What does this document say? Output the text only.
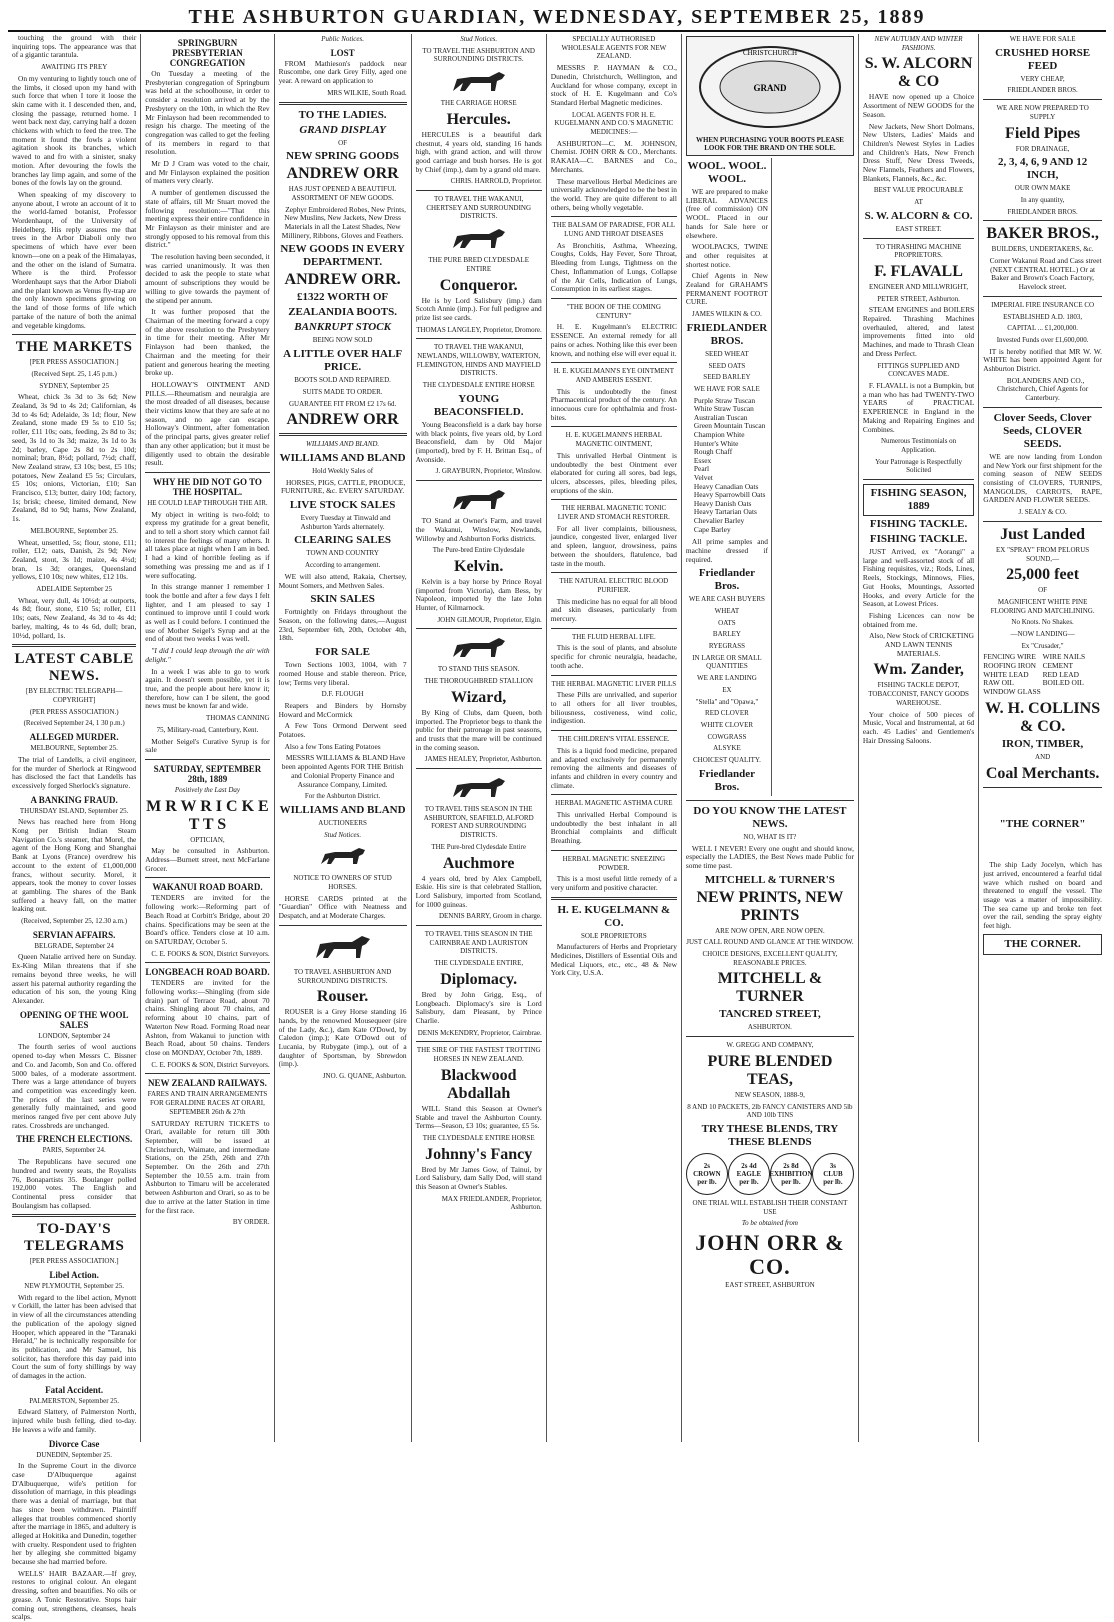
THE ASHBURTON GUARDIAN, WEDNESDAY, SEPTEMBER 25, 1889

touching the ground with their inquiring tops. The appearance was that of a gigantic tarantula.

AWAITING ITS PREY

On my venturing to lightly touch one of the limbs, it closed upon my hand with such force that when I tore it loose the skin came with it. I descended then, and, closing the passage, returned home. I went back next day, carrying half a dozen chickens with which to feed the tree. The moment it found the fowls a violent agitation shook its branches, which waved to and fro with a sinister, snaky motion. After devouring the fowls the branches lay limp again, and some of the bones of the fowls lay on the ground.

When speaking of my discovery to anyone about, I wrote an account of it to the world-famed botanist, Professor Wordenhaupt, of the University of Heidelberg. His reply assures me that trees in the Arbor Diaboli only two specimens of which have ever been known—one on a peak of the Himalayas, and the other on the island of Sumatra. Where is the third. Professor Wordenhaupt says that the Arbor Diaboli and the plant known as Venus fly-trap are the only known specimens growing on the land of those forms of life which partake of the nature of both the animal and vegetable kingdoms.

THE MARKETS
[PER PRESS ASSOCIATION.]
(Received Sept. 25, 1.45 p.m.)
SYDNEY, September 25

Wheat, chick 3s 3d to 3s 6d; New Zealand, 3s 9d to 4s 2d; Californian, 4s 3d to 4s 6d; Adelaide, 3s 1d; flour, New Zealand, stone made £9 5s to £10 5s; roller, £11 10s; oats, feeding, 2s 8d to 3s; seed, 3s 1d to 3s 3d; maize, 3s 1d to 3s 2d; barley, Cape 2s 8d to 2s 10d; nominal; bran, 8½d; pollard, 7½d; chaff, New Zealand straw, £3 10s; best, £5 10s; potatoes, New Zealand £5 5s; Circulars, £5 10s; onions, Victorian, £10; San Francisco, £13; butter, dairy 10d; factory, 1s; brisk; cheese, limited demand, New Zealand, 8d to 9d; hams, New Zealand, 1s.

MELBOURNE, September 25.

Wheat, unsettled, 5s; flour, stone, £11; roller, £12; oats, Danish, 2s 9d; New Zealand, stout, 3s 1d; maize, 4s 4½d; bran, 1s 3d; oranges, Queensland yellows, £10 10s; new whites, £12 10s.

ADELAIDE September 25

Wheat, very dull, 4s 10½d; at outports, 4s 8d; flour, stone, £10 5s; roller, £11 10s; oats, New Zealand, 4s 3d to 4s 4d; barley, malting, 4s to 4s 6d, dull; bran, 10½d, pollard, 1s.

LATEST CABLE NEWS.
[BY ELECTRIC TELEGRAPH—COPYRIGHT]
(PER PRESS ASSOCIATION.)
(Received September 24, 1 30 p.m.)
ALLEGED MURDER.
MELBOURNE, September 25.

The trial of Landells, a civil engineer, for the murder of Sherlock at Ringwood has disclosed the fact that Landells has excessively forged Sherlock's signature.

A BANKING FRAUD.
THURSDAY ISLAND, September 25.

News has reached here from Hong Kong per British Indian Steam Navigation Co.'s steamer, that Morel, the agent of the Hong Kong and Shanghai Bank at Lyons (France) overdrew his account to the extent of £1,000,000 francs, without security. Morel, it appears, took the money to cover losses at gambling. The shares of the Bank suffered a heavy fall, on the matter leaking out.

(Received, September 25, 12.30 a.m.)
SERVIAN AFFAIRS.
BELGRADE, September 24

Queen Natalie arrived here on Sunday. Ex-King Milan threatens that if she remains beyond three weeks, he will assert his paternal authority regarding the education of his son, the young King Alexander.

OPENING OF THE WOOL SALES
LONDON, September 24

The fourth series of wool auctions opened to-day when Messrs C. Bissner and Co. and Jacomb, Son and Co. offered 5000 bales, of a moderate assortment. There was a large attendance of buyers and competition was exceedingly keen. The prices of the last series were generally fully maintained, and good merinos ranged five per cent above July rates. Crossbreds are unchanged.

THE FRENCH ELECTIONS.
PARIS, September 24.

The Republicans have secured one hundred and twenty seats, the Royalists 76, Bonapartists 35. Boulanger polled 192,000 votes. The English and Continental press consider that Boulangism has collapsed.

TO-DAY'S TELEGRAMS
[PER PRESS ASSOCIATION.]
Libel Action.
NEW PLYMOUTH, September 25.

With regard to the libel action, Mynott v Corkill, the latter has been advised that in view of all the circumstances attending the publication of the apology signed Hooper, which appeared in the "Taranaki Herald," he is technically responsible for its publication, and Mr Samuel, his solicitor, has therefore this day paid into Court the sum of forty shillings by way of damages in the action.

Fatal Accident.
PALMERSTON, September 25.

Edward Slattery, of Palmerston North, injured while bush felling, died to-day. He leaves a wife and family.

Divorce Case
DUNEDIN, September 25.

In the Supreme Court in the divorce case D'Albuquerque against D'Albuquerque, wife's petition for dissolution of marriage, in this pleadings there was a denial of marriage, but that has since been withdrawn. Plaintiff alleges that troubles commenced shortly after the marriage in 1865, and adultery is alleged at Hokitika and Dunedin, together with cruelty. Respondent used to frighten her by alleging she committed bigamy because she had married before.

WELLS' HAIR BAZAAR.—If grey, restores to original colour. An elegant dressing, soften and beautifies. No oils or grease. A Tonic Restorative. Stops hair coming out, strengthens, cleanses, heals scalps.

SPRINGBURN PRESBYTERIAN CONGREGATION

On Tuesday a meeting of the Presbyterian congregation of Springburn was held at the schoolhouse, in order to consider a resolution arrived at by the Presbytery on the 10th, in which the Rev Mr Finlayson had been recommended to resign his charge. The meeting of the congregation was called to get the feeling of its members in regard to that resolution.

Mr D J Cram was voted to the chair, and Mr Finlayson explained the position of matters very clearly.

A number of gentlemen discussed the state of affairs, till Mr Stuart moved the following resolution:—"That this meeting express their entire confidence in Mr Finlayson as their minister and are strongly opposed to his removal from this district."

The resolution having been seconded, it was carried unanimously. It was then decided to ask the people to state what amount of subscriptions they would be willing to give towards the payment of the stipend per annum.

It was further proposed that the Chairman of the meeting forward a copy of the above resolution to the Presbytery in time for their meeting. After Mr Finlayson had been thanked, the Chairman and the meeting for their patient and generous hearing the meeting broke up.

HOLLOWAY'S OINTMENT AND PILLS.—Rheumatism and neuralgia are the most dreaded of all diseases, because their victims know that they are safe at no season, and no age can escape. Holloway's Ointment, after fomentation of the principal parts, gives greater relief than any other application; but it must be diligently used to obtain the desirable result.

WHY HE DID NOT GO TO THE HOSPITAL.
HE COULD LEAP THROUGH THE AIR.

My object in writing is two-fold; to express my gratitude for a great benefit, and to tell a short story which cannot fail to interest the feelings of many others. It all takes place at night when I am in bed. I had a kind of horrible feeling as if something was pressing me and as if I were suffocating.

In this strange manner I remember I took the bottle and after a few days I felt lighter, and I am pleased to say I continued to improve until I could work as well as I could before. I continued the use of Mother Seigel's Syrup and at the end of about two weeks I was well.

"I did I could leap through the air with delight."

In a week I was able to go to work again. It doesn't seem possible, yet it is true, and the people about here know it; therefore, how can I be silent, the good news must be known far and wide.

THOMAS CANNING
75, Military-road, Canterbury, Kent.

Mother Seigel's Curative Syrup is for sale

SATURDAY, SEPTEMBER 28th, 1889
Positively the Last Day
M R W R I C K E T T S
OPTICIAN,

May be consulted in Ashburton. Address—Burnett street, next McFarlane Grocer.

WAKANUI ROAD BOARD.

TENDERS are invited for the following work:—Reforming part of Beach Road at Corbitt's Bridge, about 20 chains. Specifications may be seen at the Board's office. Tenders close at 10 a.m. on SATURDAY, October 5.

C. E. FOOKS & SON, District Surveyors.
LONGBEACH ROAD BOARD.

TENDERS are invited for the following works:—Shingling (from side drain) part of Terrace Road, about 70 chains. Shingling about 70 chains, and reforming about 10 chains, part of Waterton New Road. Forming Road near Ashton, from Wakanui to junction with Beach Road, about 50 chains. Tenders close on MONDAY, October 7th, 1889.

C. E. FOOKS & SON, District Surveyors.
NEW ZEALAND RAILWAYS.
FARES AND TRAIN ARRANGEMENTS FOR GERALDINE RACES AT ORARI, SEPTEMBER 26th & 27th

SATURDAY RETURN TICKETS to Orari, available for return till 30th September, will be issued at Christchurch, Waimate, and intermediate Stations, on the 25th, 26th and 27th September. On the 26th and 27th September the 10.55 a.m. train from Ashburton to Timaru will be accelerated between Ashburton and Orari, so as to be due to arrive at the latter Station in time for the first race.

BY ORDER.
Public Notices.
LOST

FROM Mathieson's paddock near Ruscombe, one dark Grey Filly, aged one year. A reward on application to

MRS WILKIE, South Road.
TO THE LADIES.
GRAND DISPLAY
OF
NEW SPRING GOODS
ANDREW ORR
HAS JUST OPENED A BEAUTIFUL ASSORTMENT OF NEW GOODS.

Zephyr Embroidered Robes, New Prints, New Muslins, New Jackets, New Dress Materials in all the Latest Shades, New Millinery, Ribbons, Gloves and Feathers.

NEW GOODS IN EVERY DEPARTMENT.
ANDREW ORR.
£1322 WORTH OF
ZEALANDIA BOOTS.
BANKRUPT STOCK
BEING NOW SOLD
A LITTLE OVER HALF PRICE.
BOOTS SOLD AND REPAIRED.
SUITS MADE TO ORDER.
GUARANTEE FIT FROM £2 17s 6d.
ANDREW ORR
WILLIAMS AND BLAND.
WILLIAMS AND BLAND
Hold Weekly Sales of

HORSES, PIGS, CATTLE, PRODUCE, FURNITURE, &c. EVERY SATURDAY.

LIVE STOCK SALES

Every Tuesday at Tinwald and Ashburton Yards alternately.

CLEARING SALES
TOWN AND COUNTRY
According to arrangement.

WE will also attend, Rakaia, Chertsey, Mount Somers, and Methven Sales.

SKIN SALES

Fortnightly on Fridays throughout the Season, on the following dates,—August 23rd, September 6th, 20th, October 4th, 18th.

FOR SALE

Town Sections 1003, 1004, with 7 roomed House and stable thereon. Price, low; Terms very liberal.

D.F. FLOUGH

Reapers and Binders by Hornsby Howard and McCormick

A Few Tons Ormond Derwent seed Potatoes.

Also a few Tons Eating Potatoes

MESSRS WILLIAMS & BLAND Have been appointed Agents FOR THE British and Colonial Property Finance and Assurance Company, Limited.

For the Ashburton District.
WILLIAMS AND BLAND
AUCTIONEERS
Stud Notices.
NOTICE TO OWNERS OF STUD HORSES.

HORSE CARDS printed at the "Guardian" Office with Neatness and Despatch, and at Moderate Charges.

TO TRAVEL ASHBURTON AND SURROUNDING DISTRICTS.
Rouser.

ROUSER is a Grey Horse standing 16 hands, by the renowned Mousequeer (sire of the Lady, &c.), dam Kate O'Dowd, by Caledon (imp.); Kate O'Dowd out of Lucania, by Rubygate (imp.), out of a daughter of Sportsman, by Sbrewdon (imp.).

JNO. G. QUANE, Ashburton.
Stud Notices.
TO TRAVEL THE ASHBURTON AND SURROUNDING DISTRICTS.
THE CARRIAGE HORSE
Hercules.

HERCULES is a beautiful dark chestnut, 4 years old, standing 16 hands high, with grand action, and will throw good carriage and bush horses. He is got by Chief (imp.), dam by a grand old mare.

CHRIS. HARROLD, Proprietor.
TO TRAVEL THE WAKANUI, CHERTSEY AND SURROUNDING DISTRICTS.
THE PURE BRED CLYDESDALE ENTIRE
Conqueror.

He is by Lord Salisbury (imp.) dam Scotch Annie (imp.). For full pedigree and prize list see cards.

THOMAS LANGLEY, Proprietor, Dromore.
TO TRAVEL THE WAKANUI, NEWLANDS, WILLOWBY, WATERTON, FLEMINGTON, HINDS AND MAYFIELD DISTRICTS.
THE CLYDESDALE ENTIRE HORSE
YOUNG BEACONSFIELD.

Young Beaconsfield is a dark bay horse with black points, five years old, by Lord Beaconsfield, dam by Old Major (imported), bred by F. H. Brittan Esq., of Avonside.

J. GRAYBURN, Proprietor, Winslow.

TO Stand at Owner's Farm, and travel the Wakanui, Winslow, Newlands, Willowby and Ashburton Forks districts.

The Pure-bred Entire Clydesdale
Kelvin.

Kelvin is a bay horse by Prince Royal (imported from Victoria), dam Bess, by Napoleon, imported by the late John Hunter, of Kilmarnock.

JOHN GILMOUR, Proprietor, Elgin.
TO STAND THIS SEASON.
THE THOROUGHBRED STALLION
Wizard,

By King of Clubs, dam Queen, both imported. The Proprietor begs to thank the public for their patronage in past seasons, and trusts that the mare will be continued in the coming season.

JAMES HEALEY, Proprietor, Ashburton.
TO TRAVEL THIS SEASON IN THE ASHBURTON, SEAFIELD, ALFORD FOREST AND SURROUNDING DISTRICTS.
THE Pure-bred Clydesdale Entire
Auchmore

4 years old, bred by Alex Campbell, Eskie. His sire is that celebrated Stallion, Lord Salisbury, imported from Scotland, for 1000 guineas.

DENNIS BARRY, Groom in charge.
TO TRAVEL THIS SEASON IN THE CAIRNBRAE AND LAURISTON DISTRICTS.
THE CLYDESDALE ENTIRE,
Diplomacy.

Bred by John Grigg, Esq., of Longbeach. Diplomacy's sire is Lord Salisbury, dam Pleasant, by Prince Charlie.

DENIS McKENDRY, Proprietor, Cairnbrae.
THE SIRE OF THE FASTEST TROTTING HORSES IN NEW ZEALAND.
Blackwood Abdallah

WILL Stand this Season at Owner's Stable and travel the Ashburton County. Terms—Season, £3 10s; guarantee, £5 5s.

THE CLYDESDALE ENTIRE HORSE
Johnny's Fancy

Bred by Mr James Gow, of Tainui, by Lord Salisbury, dam Sally Dod, will stand this Season at Owner's Stables.

MAX FRIEDLANDER, Proprietor, Ashburton.
SPECIALLY AUTHORISED WHOLESALE AGENTS FOR NEW ZEALAND.

MESSRS P. HAYMAN & CO., Dunedin, Christchurch, Wellington, and Auckland for whose company, except in stock of H. E. Kugelmann and Co's Standard Herbal Magnetic medicines.

LOCAL AGENTS FOR H. E. KUGELMANN AND CO.'S MAGNETIC MEDICINES:—

ASHBURTON—C. M. JOHNSON, Chemist. JOHN ORR & CO., Merchants. RAKAIA—C. BARNES and Co., Merchants.

These marvellous Herbal Medicines are universally acknowledged to be the best in the world. They are quite different to all others, being wholly vegetable.

THE BALSAM OF PARADISE, FOR ALL LUNG AND THROAT DISEASES

As Bronchitis, Asthma, Wheezing, Coughs, Colds, Hay Fever, Sore Throat, Bleeding from Lungs, Tightness on the Chest, Inflammation of Lungs, Collapse of the Air Cells, Indication of Lungs, Consumption in its earliest stages.

"THE BOON OF THE COMING CENTURY"

H. E. Kugelmann's ELECTRIC ESSENCE. An external remedy for all pains or aches. Nothing like this ever been known, and nothing else will ever equal it.

H. E. KUGELMANN'S EYE OINTMENT AND AMBERIS ESSENT.

This is undoubtedly the finest Pharmacentical product of the century. An innocuous cure for ophthalmia and frost-bites.

H. E. KUGELMANN'S HERBAL MAGNETIC OINTMENT,

This unrivalled Herbal Ointment is undoubtedly the best Ointment ever elaborated for curing all sores, bad legs, ulcers, abscesses, piles, bleeding piles, eruptions of the skin.

THE HERBAL MAGNETIC TONIC LIVER AND STOMACH RESTORER.

For all liver complaints, biliousness, jaundice, congested liver, enlarged liver and spleen, languor, drowsiness, pains between the shoulders, flatulence, bad taste in the mouth.

THE NATURAL ELECTRIC BLOOD PURIFIER.

This medicine has no equal for all blood and skin diseases, particularly from mercury.

THE FLUID HERBAL LIFE.

This is the soul of plants, and absolute specific for chronic neuralgia, headache, tooth ache.

THE HERBAL MAGNETIC LIVER PILLS

These Pills are unrivalled, and superior to all others for all liver troubles, biliousness, costiveness, wind colic, indigestion.

THE CHILDREN'S VITAL ESSENCE.

This is a liquid food medicine, prepared and adapted exclusively for permanently removing the ailments and diseases of infants and children in every country and climate.

HERBAL MAGNETIC ASTHMA CURE

This unrivalled Herbal Compound is undoubtedly the best inhalant in all Bronchial complaints and difficult Breathing.

HERBAL MAGNETIC SNEEZING POWDER.

This is a most useful little remedy of a very uniform and positive character.

H. E. KUGELMANN & CO.
SOLE PROPRIETORS

Manufacturers of Herbs and Proprietary Medicines, Distillers of Essential Oils and Medical Liquors, etc., etc., 48 & New York City, U.S.A.

CHRISTCHURCH
GRAND
WHEN PURCHASING YOUR BOOTS PLEASE LOOK FOR THE BRAND ON THE SOLE.
WOOL. WOOL. WOOL.

WE are prepared to make LIBERAL ADVANCES (free of commission) ON WOOL. Placed in our hands for Sale here or elsewhere.

WOOLPACKS, TWINE and other requisites at shortest notice.

Chief Agents in New Zealand for GRAHAM'S PERMANENT FOOTROT CURE.

JAMES WILKIN & CO.
FRIEDLANDER BROS.
SEED WHEAT
SEED OATS
SEED BARLEY
WE HAVE FOR SALE
Purple Straw Tuscan
White Straw Tuscan
Australian Tuscan
Green Mountain Tuscan
Champion White
Hunter's White
Rough Chaff
Essex
Pearl
Velvet
Heavy Canadian Oats
Heavy Sparrowbill Oats
Heavy Danish Oats
Heavy Tartarian Oats
Chevalier Barley
Cape Barley

All prime samples and machine dressed if required.

Friedlander Bros.
WE ARE CASH BUYERS
WHEAT
OATS
BARLEY
RYEGRASS
IN LARGE OR SMALL QUANTITIES
WE ARE LANDING
EX
"Stella" and "Opawa,"
RED CLOVER
WHITE CLOVER
COWGRASS
ALSYKE
CHOICEST QUALITY.
Friedlander Bros.
DO YOU KNOW THE LATEST NEWS.
NO, WHAT IS IT?

WELL I NEVER! Every one ought and should know, especially the LADIES, the Best News made Public for some time past.

MITCHELL & TURNER'S
NEW PRINTS, NEW PRINTS
ARE NOW OPEN, ARE NOW OPEN.
JUST CALL ROUND AND GLANCE AT THE WINDOW.
CHOICE DESIGNS, EXCELLENT QUALITY, REASONABLE PRICES.
MITCHELL & TURNER
TANCRED STREET,
ASHBURTON.
W. GREGG AND COMPANY,
PURE BLENDED TEAS,
NEW SEASON, 1888-9,
8 AND 10 PACKETS, 2lb FANCY CANISTERS AND 5lb AND 10lb TINS
TRY THESE BLENDS, TRY THESE BLENDS
2s
CROWN
per lb.
2s 4d
EAGLE
per lb.
2s 8d
EXHIBITION
per lb.
3s
CLUB
per lb.
ONE TRIAL WILL ESTABLISH THEIR CONSTANT USE
To be obtained from
JOHN ORR & CO.
EAST STREET, ASHBURTON
NEW AUTUMN AND WINTER FASHIONS.
S. W. ALCORN & CO

HAVE now opened up a Choice Assortment of NEW GOODS for the Season.

New Jackets, New Short Dolmans, New Ulsters, Ladies' Maids and Children's Newest Styles in Ladies and Children's Hats, New French Dress Stuff, New Dress Tweeds, New Flannels, Feathers and Flowers, Blankets, Flannels, &c., &c.

BEST VALUE PROCURABLE
AT
S. W. ALCORN & CO.
EAST STREET.
TO THRASHING MACHINE PROPRIETORS.
F. FLAVALL
ENGINEER AND MILLWRIGHT,
PETER STREET, Ashburton.

STEAM ENGINES and BOILERS Repaired. Thrashing Machines overhauled, altered, and latest improvements fitted into old Machines, and made to Thrash Clean and Dress Perfect.

FITTINGS SUPPLIED AND CONCAVES MADE.

F. FLAVALL is not a Bumpkin, but a man who has had TWENTY-TWO YEARS of PRACTICAL EXPERIENCE in England in the Making and Repairing Engines and Combines.

Numerous Testimonials on Application.
Your Patronage is Respectfully Solicited
FISHING SEASON, 1889
FISHING TACKLE.
FISHING TACKLE.

JUST Arrived, ex "Aorangi" a large and well-assorted stock of all Fishing requisites, viz.; Rods, Lines, Reels, Stockings, Minnows, Flies, Gut Hooks, Mountings, Assorted Hooks, and every Article for the Season, at Lowest Prices.

Fishing Licences can now be obtained from me.

Also, New Stock of CRICKETING AND LAWN TENNIS MATERIALS.

Wm. Zander,
FISHING TACKLE DEPOT, TOBACCONIST, FANCY GOODS WAREHOUSE.

Your choice of 500 pieces of Music, Vocal and Instrumental, at 6d each. 45 Ladies' and Gentlemen's Hair Dressing Saloons.

WE HAVE FOR SALE
CRUSHED HORSE FEED
VERY CHEAP,
FRIEDLANDER BROS.
WE ARE NOW PREPARED TO SUPPLY
Field Pipes
FOR DRAINAGE,
2, 3, 4, 6, 9 AND 12 INCH,
OUR OWN MAKE
In any quantity,
FRIEDLANDER BROS.
BAKER BROS.,
BUILDERS, UNDERTAKERS, &c.

Corner Wakanui Road and Cass street (NEXT CENTRAL HOTEL.) Or at Baker and Brown's Coach Factory, Havelock street.

IMPERIAL FIRE INSURANCE CO
ESTABLISHED A.D. 1803,
CAPITAL ... £1,200,000.
Invested Funds over £1,600,000.

IT is hereby notified that MR W. W. WHITE has been appointed Agent for Ashburton District.

BOLANDERS AND CO., Christchurch, Chief Agents for Canterbury.

Clover Seeds, Clover Seeds, CLOVER SEEDS.

WE are now landing from London and New York our first shipment for the coming season of NEW SEEDS consisting of CLOVERS, TURNIPS, MANGOLDS, CARROTS, RAPE, GARDEN AND FLOWER SEEDS.

J. SEALY & CO.
Just Landed
EX "SPRAY" FROM PELORUS SOUND,—
25,000 feet
OF
MAGNIFICENT WHITE PINE FLOORING AND MATCHLINING.
No Knots. No Shakes.
—NOW LANDING—
Ex "Crusader,"
FENCING WIRE WIRE NAILS
ROOFING IRON CEMENT
WHITE LEAD	RED LEAD
RAW OIL	BOILED OIL
WINDOW GLASS
W. H. COLLINS & CO.
IRON, TIMBER,
AND
Coal Merchants.
"THE CORNER"

The ship Lady Jocelyn, which has just arrived, encountered a fearful tidal wave which rushed on board and threatened to engulf the vessel. The usage was a matter of impossibility. The sea came up and broke ten feet over the rail, sending the spray eighty feet high.

THE CORNER.
